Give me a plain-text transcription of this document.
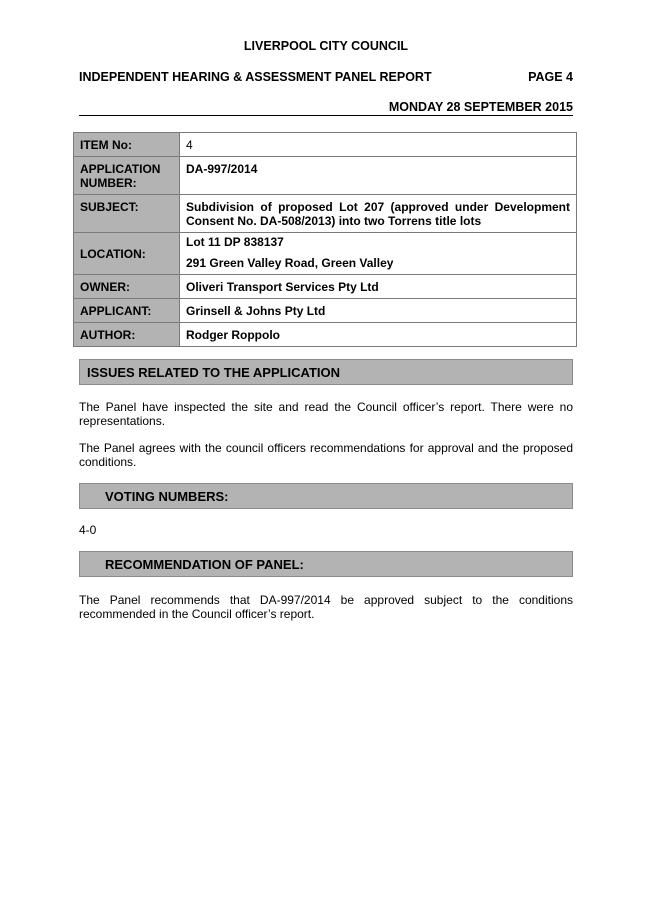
LIVERPOOL CITY COUNCIL
INDEPENDENT HEARING & ASSESSMENT PANEL REPORT	PAGE 4
MONDAY 28 SEPTEMBER 2015
ITEM No:	4
APPLICATION NUMBER:	DA-997/2014
SUBJECT:	Subdivision of proposed Lot 207 (approved under Development Consent No. DA-508/2013) into two Torrens title lots
LOCATION:	Lot 11 DP 838137
291 Green Valley Road, Green Valley

OWNER:	Oliveri Transport Services Pty Ltd
APPLICANT:	Grinsell & Johns Pty Ltd
AUTHOR:	Rodger Roppolo
ISSUES RELATED TO THE APPLICATION
The Panel have inspected the site and read the Council officer’s report. There were no representations.
The Panel agrees with the council officers recommendations for approval and the proposed conditions.
VOTING NUMBERS:
4-0
RECOMMENDATION OF PANEL:
The Panel recommends that DA-997/2014 be approved subject to the conditions recommended in the Council officer’s report.
